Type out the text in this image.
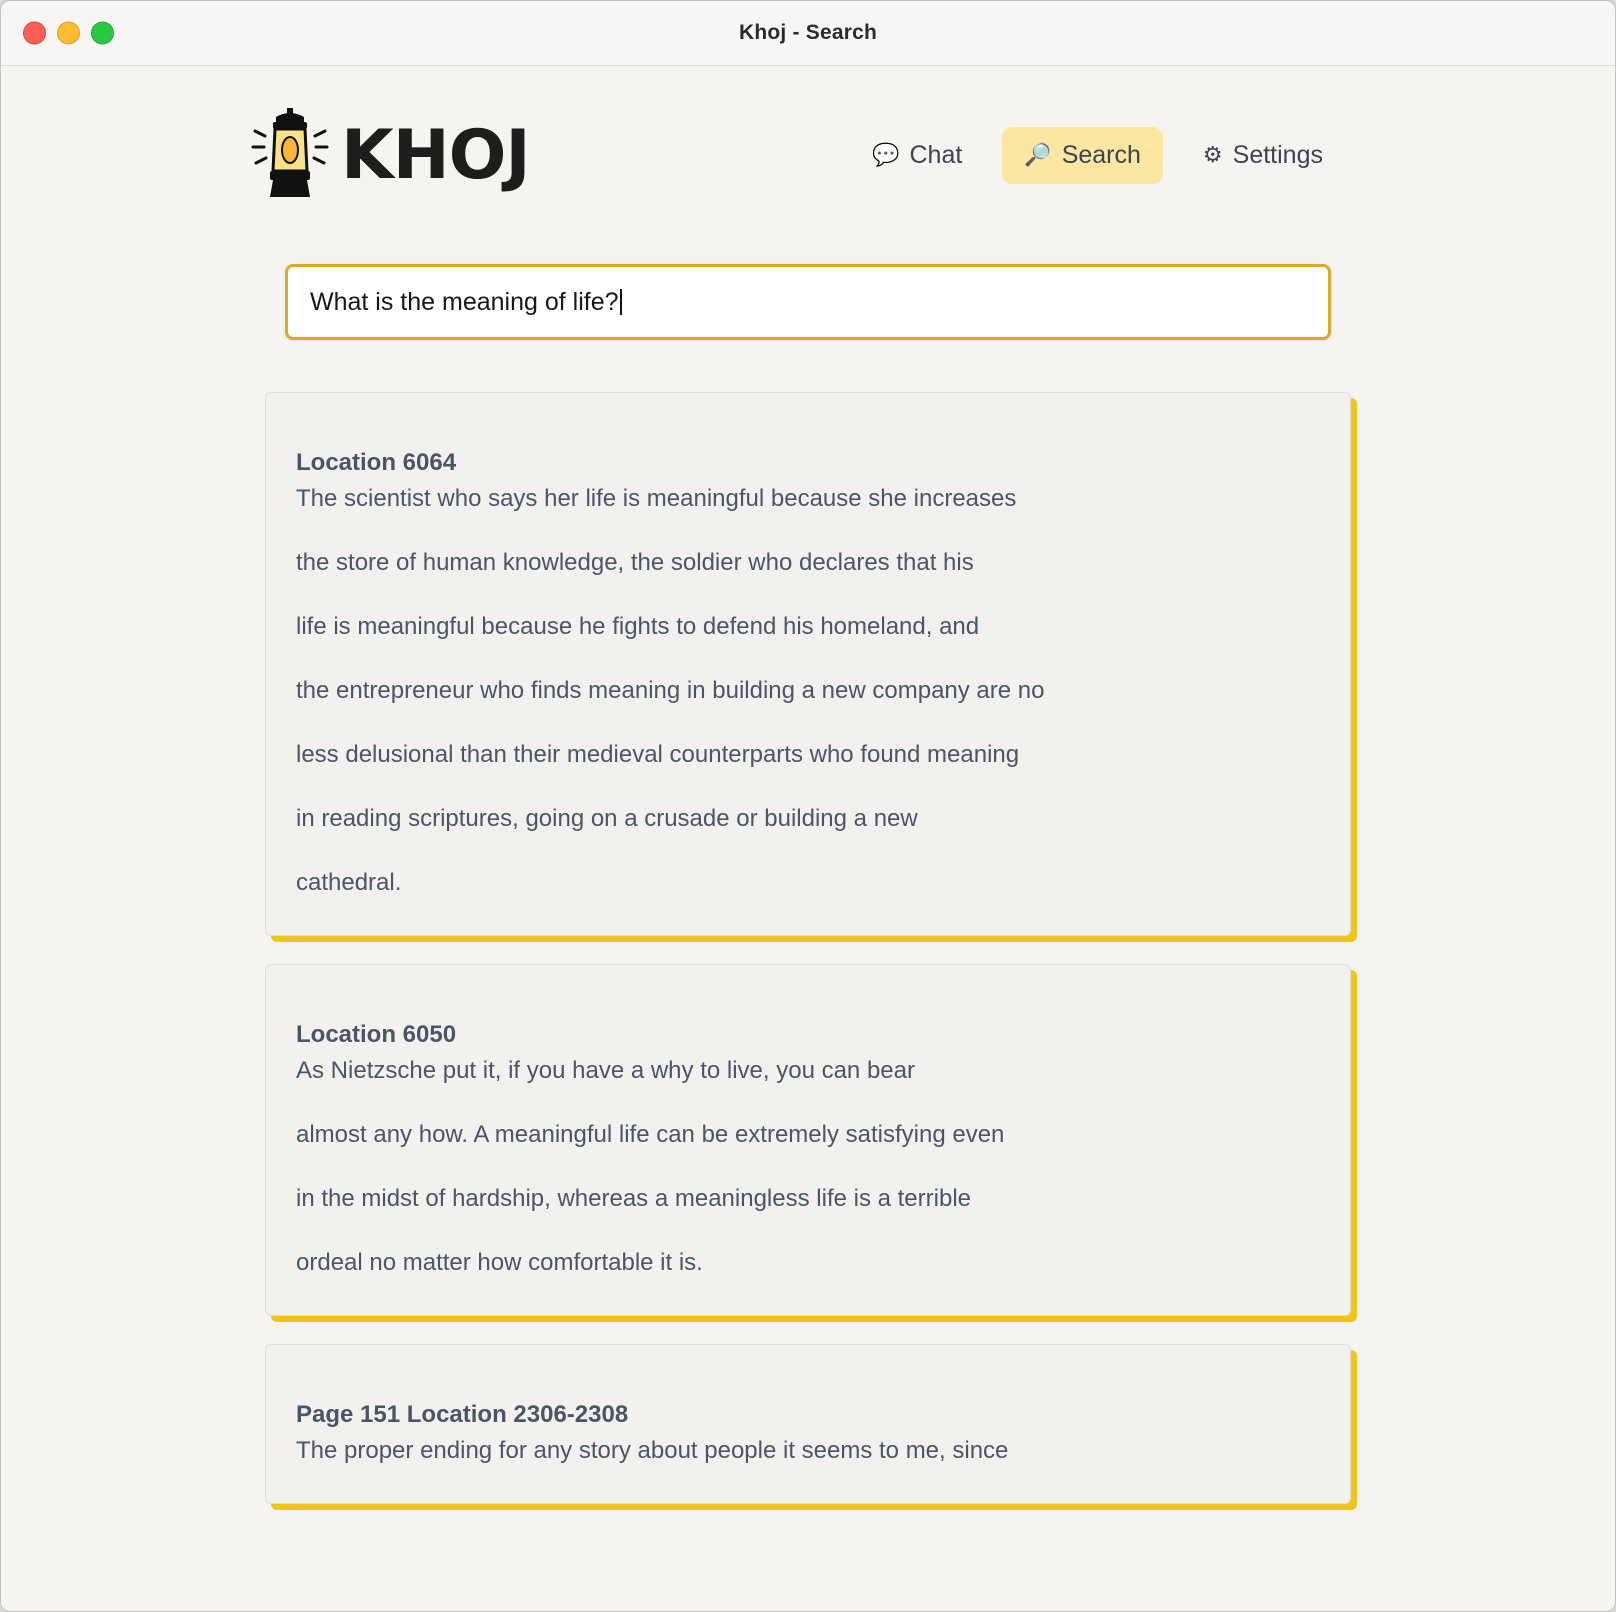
Khoj - Search
KHOJ	💬 Chat	🔎 Search	⚙ Settings
What is the meaning of life?
Location 6064
The scientist who says her life is meaningful because she increases
the store of human knowledge, the soldier who declares that his
life is meaningful because he fights to defend his homeland, and
the entrepreneur who finds meaning in building a new company are no
less delusional than their medieval counterparts who found meaning
in reading scriptures, going on a crusade or building a new
cathedral.
Location 6050
As Nietzsche put it, if you have a why to live, you can bear
almost any how. A meaningful life can be extremely satisfying even
in the midst of hardship, whereas a meaningless life is a terrible
ordeal no matter how comfortable it is.
Page 151 Location 2306-2308
The proper ending for any story about people it seems to me, since
